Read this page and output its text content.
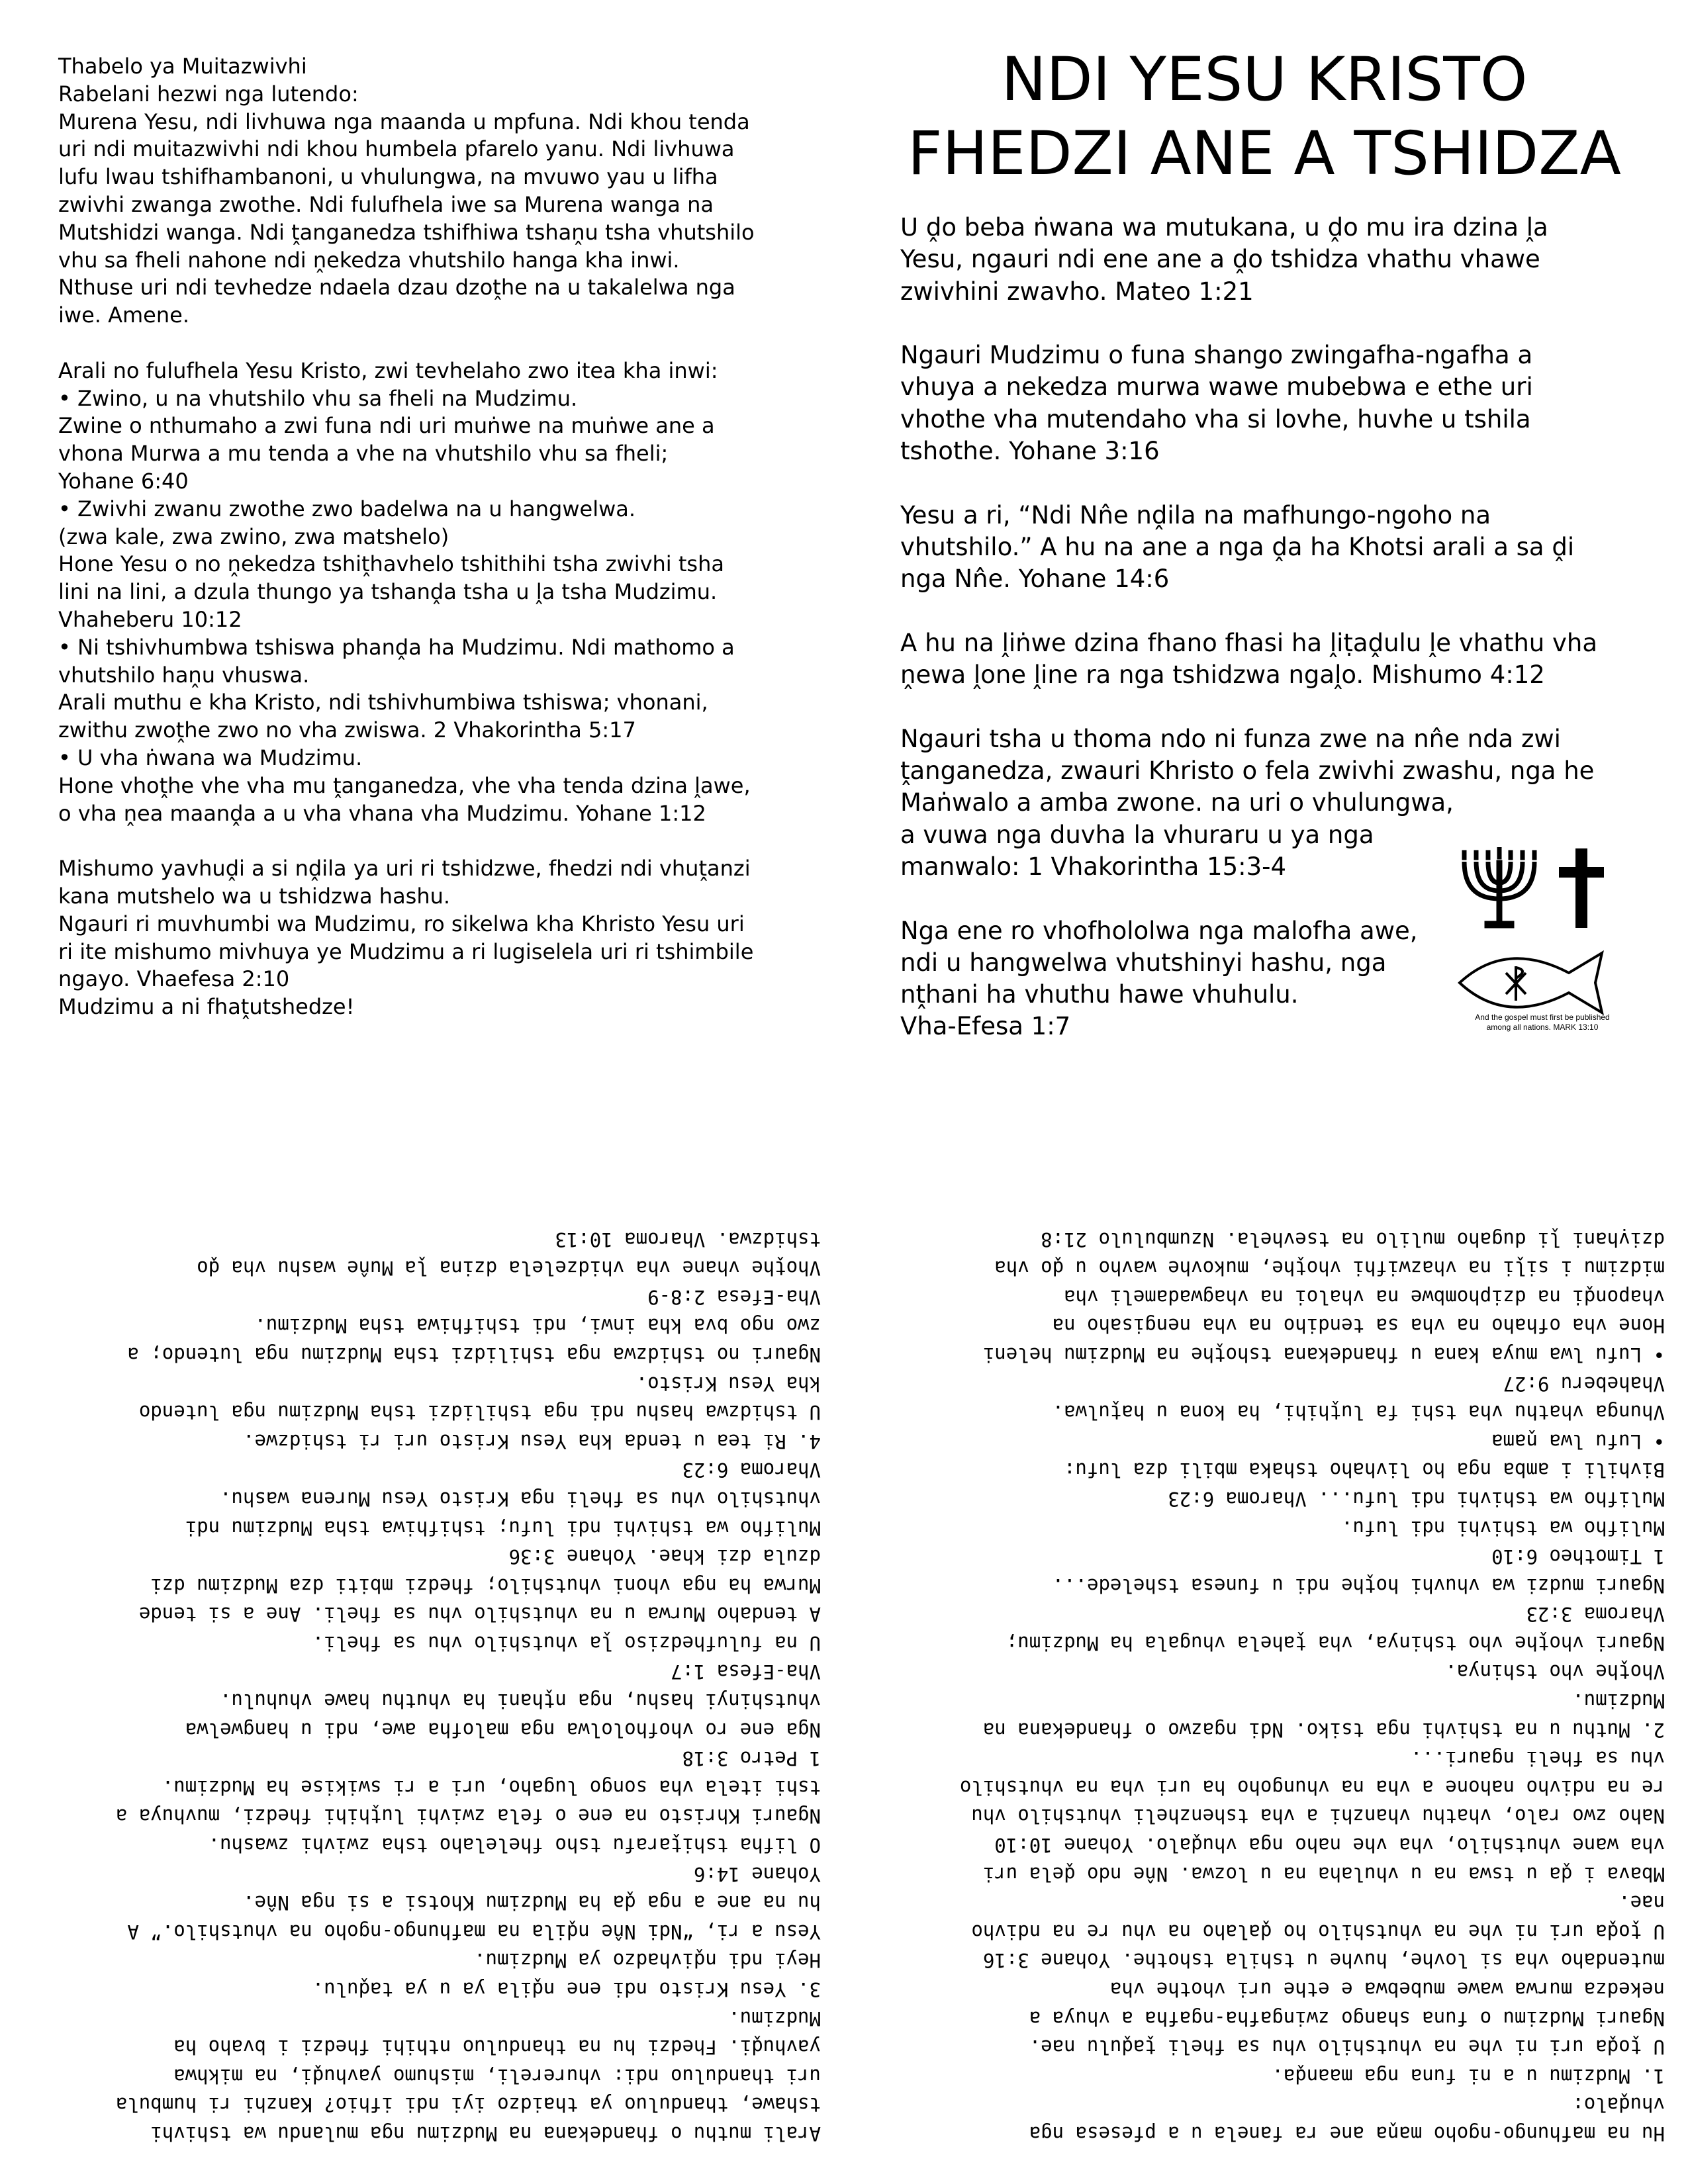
Thabelo ya Muitazwivhi
Rabelani hezwi nga lutendo:
Murena Yesu, ndi livhuwa nga maanda u mpfuna. Ndi khou tenda
uri ndi muitazwivhi ndi khou humbela pfarelo yanu. Ndi livhuwa
lufu lwau tshifhambanoni, u vhulungwa, na mvuwo yau u lifha
zwivhi zwanga zwothe. Ndi fulufhela iwe sa Murena wanga na
Mutshidzi wanga. Ndi ṱanganedza tshifhiwa tshaṋu tsha vhutshilo
vhu sa fheli nahone ndi ṋekedza vhutshilo hanga kha inwi.
Nthuse uri ndi tevhedze ndaela dzau dzoṱhe na u takalelwa nga
iwe. Amene.

Arali no fulufhela Yesu Kristo, zwi tevhelaho zwo itea kha inwi:
• Zwino, u na vhutshilo vhu sa fheli na Mudzimu.
Zwine o nthumaho a zwi funa ndi uri muṅwe na muṅwe ane a
vhona Murwa a mu tenda a vhe na vhutshilo vhu sa fheli;
Yohane 6:40
• Zwivhi zwanu zwothe zwo badelwa na u hangwelwa.
(zwa kale, zwa zwino, zwa matshelo)
Hone Yesu o no ṋekedza tshiṱhavhelo tshithihi tsha zwivhi tsha
lini na lini, a dzula thungo ya tshanḓa tsha u ḽa tsha Mudzimu.
Vhaheberu 10:12
• Ni tshivhumbwa tshiswa phanḓa ha Mudzimu. Ndi mathomo a
vhutshilo haṋu vhuswa.
Arali muthu e kha Kristo, ndi tshivhumbiwa tshiswa; vhonani,
zwithu zwoṱhe zwo no vha zwiswa. 2 Vhakorintha 5:17
• U vha ṅwana wa Mudzimu.
Hone vhoṱhe vhe vha mu ṱanganedza, vhe vha tenda dzina ḽawe,
o vha ṋea maanḓa a u vha vhana vha Mudzimu. Yohane 1:12

Mishumo yavhuḓi a si nḓila ya uri ri tshidzwe, fhedzi ndi vhuṱanzi
kana mutshelo wa u tshidzwa hashu.
Ngauri ri muvhumbi wa Mudzimu, ro sikelwa kha Khristo Yesu uri
ri ite mishumo mivhuya ye Mudzimu a ri lugiselela uri ri tshimbile
ngayo. Vhaefesa 2:10
Mudzimu a ni fhaṱutshedze!
NDI YESU KRISTO
FHEDZI ANE A TSHIDZA
U ḓo beba ṅwana wa mutukana, u ḓo mu ira dzina ḽa
Yesu, ngauri ndi ene ane a ḓo tshidza vhathu vhawe
zwivhini zwavho. Mateo 1:21

Ngauri Mudzimu o funa shango zwingafha-ngafha a
vhuya a nekedza murwa wawe mubebwa e ethe uri
vhothe vha mutendaho vha si lovhe, huvhe u tshila
tshothe. Yohane 3:16

Yesu a ri, “Ndi Nn̂e nḓila na mafhungo-ngoho na
vhutshilo.” A hu na ane a nga ḓa ha Khotsi arali a sa ḓi
nga Nn̂e. Yohane 14:6

A hu na ḽiṅwe dzina fhano fhasi ha ḽiṭaḓulu ḽe vhathu vha
ṋewa ḽone ḽine ra nga tshidzwa ngaḽo. Mishumo 4:12

Ngauri tsha u thoma ndo ni funza zwe na nn̂e nda zwi
ṱanganedza, zwauri Khristo o fela zwivhi zwashu, nga he
Maṅwalo a amba zwone. na uri o vhulungwa,
a vuwa nga duvha la vhuraru u ya nga
manwalo: 1 Vhakorintha 15:3-4

Nga ene ro vhofhololwa nga malofha awe,
ndi u hangwelwa vhutshinyi hashu, nga
nṱhani ha vhuthu hawe vhuhulu.
Vha-Efesa 1:7	And the gospel must first be published
among all nations. MARK 13:10
Arali muthu o fhandekana na Mudzimu nga mulandu wa tshivhi
tshawe, thanduluo ya thaidzo iyi ndi ifhio? Kanzhi ri humbula
uri thanduluo ndi: vhurereli, mishumo yavhuḓi, na mikhwa
yavhuḓi. Fhedzi hu na thanduluo nthihi fhedzi i bvaho ha
Mudzimu.
3. Yesu Kristo ndi ene nḓila ya u ya taḓulu.
Heyi ndi nḓivhadzo ya Mudzimu.
Yesu a ri, “Ndi Nn̂e nḓila na mafhungo-ngoho na vhutshilo.” A
hu na ane a nga ḓa ha Mudzimu Khotsi a si nga Nn̂e.
Yohane 14:6
O lifha tshiṱarafu tsho fhelelaho tsha zwivhi zwashu.
Ngauri Khristo na ene o fela zwivhi luṱhihi fhedzi, muvhuya a
tshi itela vha songo lugaho, uri a ri swikise ha Mudzimu.
1 Petro 3:18
Nga ene ro vhofhololwa nga malofha awe, ndi u hangwelwa
vhutshinyi hashu, nga nṱhani ha vhuthu hawe vhuhulu.
Vha-Efesa 1:7
U na fulufhedziso ḽa vhutshilo vhu sa fheli.
A tendaho Murwa u na vhutshilo vhu sa fheli. Ane a si tende
Murwa ha nga vhoni vhutshilo; fhedzi mbiti dza Mudzimu dzi
dzula dzi khae. Yohane 3:36
Mulifho wa tshivhi ndi lufu; tshifhiwa tsha Mudzimu ndi
vhutshilo vhu sa fheli nga Kristo Yesu Murena washu.
Vharoma 6:23
4. Ri tea u tenda kha Yesu Kristo uri ri tshidzwe.
U tshidzwa hashu ndi nga tshilidzi tsha Mudzimu nga lutendo
kha Yesu Kristo.
Ngauri no tshidzwa nga tshilidzi tsha Mudzimu nga lutendo; a
zwo ngo bva kha inwi, ndi tshifhiwa tsha Mudzimu.
Vha-Efesa 2:8-9
Vhoṱhe vhane vha vhidzelela dzina ḽa Mun̂e washu vha ḓo
tshidzwa. Vharoma 10:13
Hu na mafhungo-ngoho maṋa ane ra fanela u a pfesesa nga
vhuḓalo:
1. Mudzimu u a ni funa nga maanḓa.
U ṱoḓa uri ni vhe na vhutshilo vhu sa fheli ṱaḓulu nae.
Ngauri Mudzimu o funa shango zwingafha-ngafha a vhuya a
nekedza murwa wawe mubebwa e ethe uri vhothe vha
mutendaho vha si lovhe, huvhe u tshila tshothe. Yohane 3:16
U ṱoḓa uri ni vhe na vhutshilo ho ḓalaho na vhu re na ndivho
nae.
Mbava i ḓa u tswa na u vhulaha na u lozwa. Nn̂e ndo ḓela uri
vha wane vhutshilo, vha vhe naho nga vhuḓalo. Yohane 10:10
Naho zwo ralo, vhathu vhanzhi a vha tshenzheli vhutshilo vhu
re na ndivho nahone a vha na vhungoho ha uri vha na vhutshilo
vhu sa fheli ngauri...
2. Muthu u na tshivhi nga tsiko. Ndi ngazwo o fhandekana na
Mudzimu.
Vhoṱhe vho tshinya.
Ngauri vhoṱhe vho tshinya, vha ṱahela vhugala ha Mudzimu;
Vharoma 3:23
Ngauri mudzi wa vhuvhi hoṱhe ndi u funesa tshelede...
1 Timotheo 6:10
Mulifho wa tshivhi ndi lufu.
Mulifho wa tshivhi ndi lufu... Vharoma 6:23
Bivhili i amba nga ho livhaho tshaka mbili dza lufu:
• Lufu lwa ṋama
Vhunga vhathu vha tshi fa luṱhihi, ha kona u haṱulwa.
Vhaheberu 9:27
• Lufu lwa muya kana u fhandekana tshoṱhe na Mudzimu heleni
Hone vha ofhaho na vha sa tendiho na vha nengisaho na
vhaponḓi na dziphombwe na vhaloi na vhagwadameli vha
midzimu i siḽi na vhazwifhi vhoṱhe, mukovhe wavho u ḓo vha
dziṿhani ḽi dugaho mulilo na tsevhela. Nzumbululo 21:8
